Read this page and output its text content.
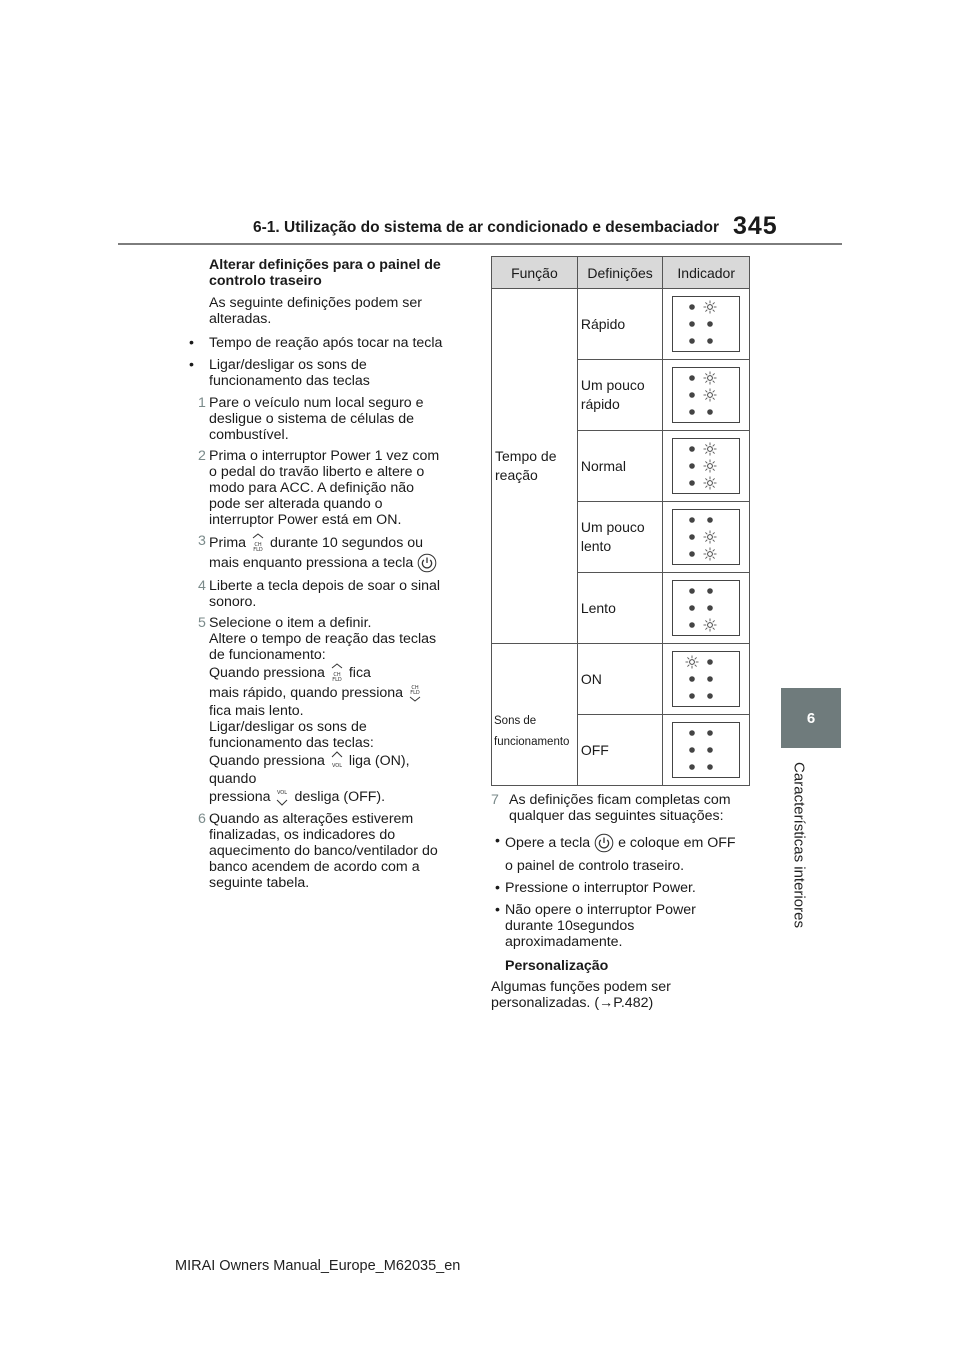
6-1. Utilização do sistema de ar condicionado e desembaciador 345
6
Características interiores

Alterar definições para o painel de
controlo traseiro

As seguinte definições podem ser
alteradas.

• Tempo de reação após tocar na tecla

• Ligar/desligar os sons de
funcionamento das teclas

1 Pare o veículo num local seguro e
desligue o sistema de células de
combustível.
2 Prima o interruptor Power 1 vez com
o pedal do travão liberto e altere o
modo para ACC. A definição não
pode ser alterada quando o
interruptor Power está em ON.
3 Prima CH
FLD durante 10 segundos ou
mais enquanto pressiona a tecla
4 Liberte a tecla depois de soar o sinal
sonoro.
5 Selecione o item a definir.
Altere o tempo de reação das teclas
de funcionamento:
Quando pressiona CH
FLD fica
mais rápido, quando pressiona CH
FLD

fica mais lento.
Ligar/desligar os sons de
funcionamento das teclas:
Quando pressiona VOL liga (ON),
quando
pressiona VOL desliga (OFF).
6 Quando as alterações estiverem
finalizadas, os indicadores do
aquecimento do banco/ventilador do
banco acendem de acordo com a
seguinte tabela.
Função	Definições	Indicador

Tempo de
reação	Rápido

	Um pouco
rápido

	Normal

	Um pouco
lento

	Lento

Sons de
funcionamento	ON

	OFF

7 As definições ficam completas com
qualquer das seguintes situações:

• Opere a tecla e coloque em OFF

o painel de controlo traseiro.

• Pressione o interruptor Power.

• Não opere o interruptor Power
durante 10segundos
aproximadamente.

Personalização

Algumas funções podem ser
personalizadas. (→P.482)

MIRAI Owners Manual_Europe_M62035_en
